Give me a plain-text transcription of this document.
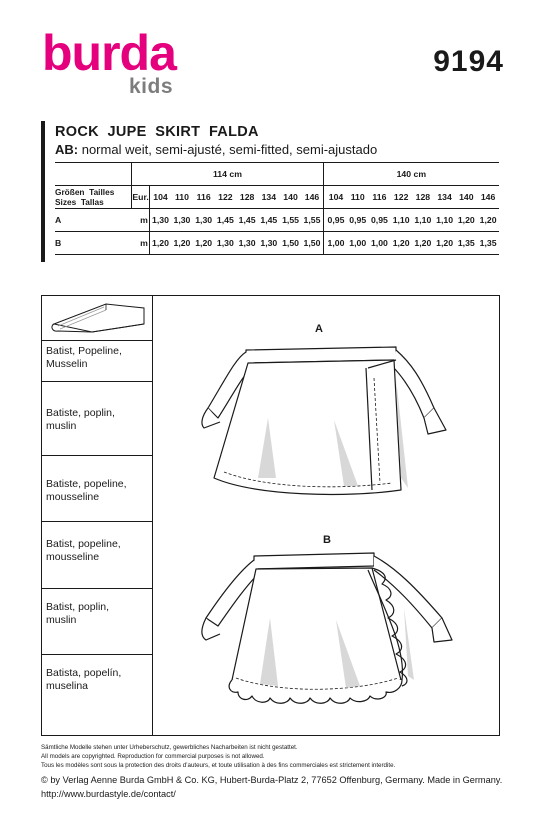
burda
kids
9194
ROCK  JUPE  SKIRT  FALDA
AB: normal weit, semi-ajusté, semi-fitted, semi-ajustado
		114 cm									140 cm								

Größen  Tailles
Sizes  Tallas		Eur.	104	110	116	122	128	134	140	146		104	110	116	122	128	134	140	146
A	m		1,30	1,30	1,30	1,45	1,45	1,45	1,55	1,55		0,95	0,95	0,95	1,10	1,10	1,10	1,20	1,20
B	m		1,20	1,20	1,20	1,30	1,30	1,30	1,50	1,50		1,00	1,00	1,00	1,20	1,20	1,20	1,35	1,35
Batist, Popeline,
Musselin
Batiste, poplin,
muslin
Batiste, popeline,
mousseline
Batist, popeline,
mousseline
Batist, poplin,
muslin
Batista, popelín,
muselina
A
B
Sämtliche Modelle stehen unter Urheberschutz, gewerbliches Nacharbeiten ist nicht gestattet.
All models are copyrighted. Reproduction for commercial purposes is not allowed.
Tous les modèles sont sous la protection des droits d’auteurs, et toute utilisation à des fins commerciales est strictement interdite.
© by Verlag Aenne Burda GmbH & Co. KG, Hubert-Burda-Platz 2, 77652 Offenburg, Germany. Made in Germany.
http://www.burdastyle.de/contact/
